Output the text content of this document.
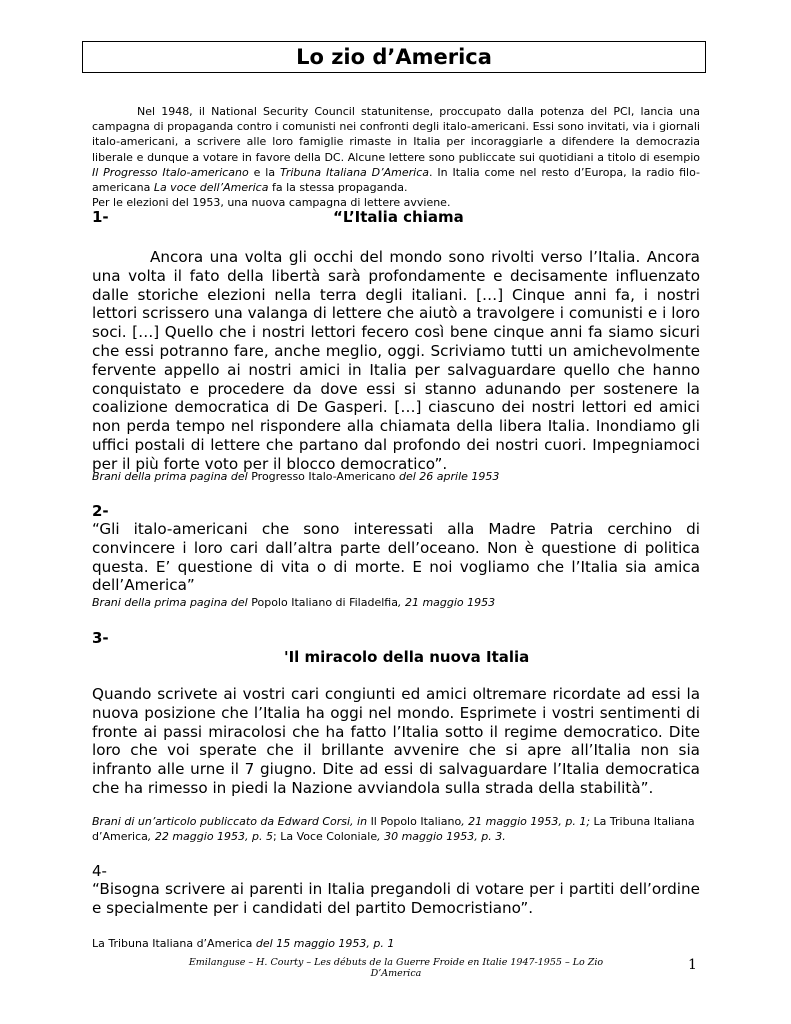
Lo zio d’America

Nel 1948, il National Security Council statunitense, proccupato dalla potenza del PCI, lancia una campagna di propaganda contro i comunisti nei confronti degli italo-americani. Essi sono invitati, via i giornali italo-americani, a scrivere alle loro famiglie rimaste in Italia per incoraggiarle a difendere la democrazia liberale e dunque a votare in favore della DC. Alcune lettere sono publiccate sui quotidiani a titolo di esempio Il Progresso Italo-americano e la Tribuna Italiana D’America. In Italia come nel resto d’Europa, la radio filo-americana La voce dell’America fa la stessa propaganda.

Per le elezioni del 1953, una nuova campagna di lettere avviene.

1-	“L’Italia chiama

Ancora una volta gli occhi del mondo sono rivolti verso l’Italia. Ancora una volta il fato della libertà sarà profondamente e decisamente influenzato dalle storiche elezioni nella terra degli italiani. […] Cinque anni fa, i nostri lettori scrissero una valanga di lettere che aiutò a travolgere i comunisti e i loro soci. […] Quello che i nostri lettori fecero così bene cinque anni fa siamo sicuri che essi potranno fare, anche meglio, oggi. Scriviamo tutti un amichevolmente fervente appello ai nostri amici in Italia per salvaguardare quello che hanno conquistato e procedere da dove essi si stanno adunando per sostenere la coalizione democratica di De Gasperi. […] ciascuno dei nostri lettori ed amici non perda tempo nel rispondere alla chiamata della libera Italia. Inondiamo gli uffici postali di lettere che partano dal profondo dei nostri cuori. Impegniamoci per il più forte voto per il blocco democratico”.

Brani della prima pagina del Progresso Italo-Americano del 26 aprile 1953
2-

“Gli italo-americani che sono interessati alla Madre Patria cerchino di convincere i loro cari dall’altra parte dell’oceano. Non è questione di politica questa. E’ questione di vita o di morte. E noi vogliamo che l’Italia sia amica dell’America”

Brani della prima pagina del Popolo Italiano di Filadelfia, 21 maggio 1953
3-
'Il miracolo della nuova Italia

Quando scrivete ai vostri cari congiunti ed amici oltremare ricordate ad essi la nuova posizione che l’Italia ha oggi nel mondo. Esprimete i vostri sentimenti di fronte ai passi miracolosi che ha fatto l’Italia sotto il regime democratico. Dite loro che voi sperate che il brillante avvenire che si apre all’Italia non sia infranto alle urne il 7 giugno. Dite ad essi di salvaguardare l’Italia democratica che ha rimesso in piedi la Nazione avviandola sulla strada della stabilità”.

Brani di un’articolo publiccato da Edward Corsi, in Il Popolo Italiano, 21 maggio 1953, p. 1; La Tribuna Italiana d’America, 22 maggio 1953, p. 5; La Voce Coloniale, 30 maggio 1953, p. 3.
4-

“Bisogna scrivere ai parenti in Italia pregandoli di votare per i partiti dell’ordine e specialmente per i candidati del partito Democristiano”.

La Tribuna Italiana d’America del 15 maggio 1953, p. 1
Emilanguse – H. Courty – Les débuts de la Guerre Froide en Italie 1947-1955 – Lo Zio D’America
1
